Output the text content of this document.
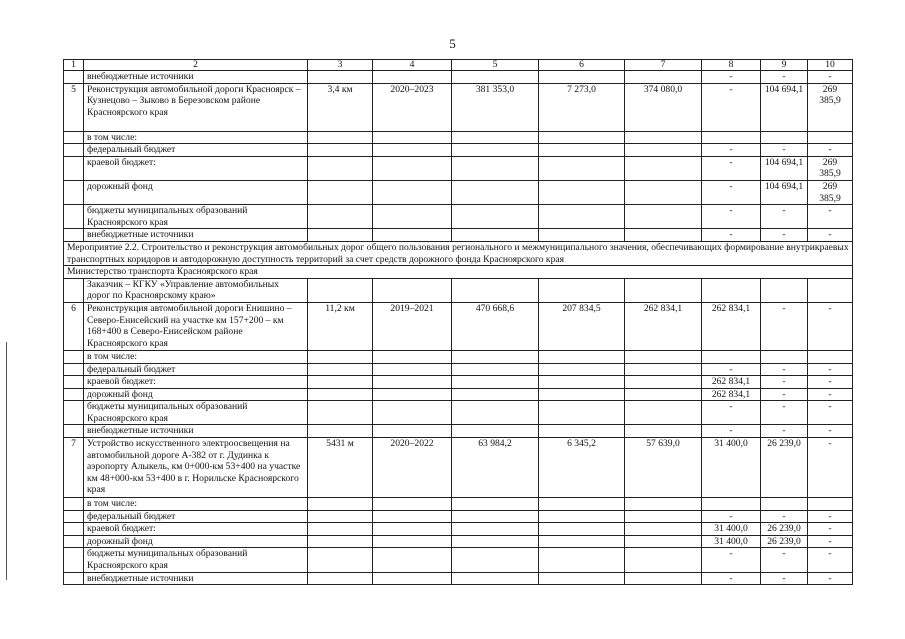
5
1	2	3	4	5	6	7	8	9	10
	внебюджетные источники						-	-	-
5	Реконструкция автомобильной дороги Красноярск – Кузнецово – Зыково в Березовском районе Красноярского края	3,4 км	2020–2023	381 353,0	7 273,0	374 080,0	-	104 694,1	269 385,9
	в том числе:								
	федеральный бюджет						-	-	-
	краевой бюджет:						-	104 694,1	269 385,9
	дорожный фонд						-	104 694,1	269 385,9
	бюджеты муниципальных образований Красноярского края						-	-	-
	внебюджетные источники						-	-	-
Мероприятие 2.2. Строительство и реконструкция автомобильных дорог общего пользования регионального и межмуниципального значения, обеспечивающих формирование внутрикраевых транспортных коридоров и автодорожную доступность территорий за счет средств дорожного фонда Красноярского края									
Министерство транспорта Красноярского края									
	Заказчик – КГКУ «Управление автомобильных дорог по Красноярскому краю»								
6	Реконструкция автомобильной дороги Енишино – Северо-Енисейский на участке км 157+200 – км 168+400 в Северо-Енисейском районе Красноярского края	11,2 км	2019–2021	470 668,6	207 834,5	262 834,1	262 834,1	-	-
	в том числе:								
	федеральный бюджет						-	-	-
	краевой бюджет:						262 834,1	-	-
	дорожный фонд						262 834,1	-	-
	бюджеты муниципальных образований Красноярского края						-	-	-
	внебюджетные источники						-	-	-
7	Устройство искусственного электроосвещения на автомобильной дороге А-382 от г. Дудинка к аэропорту Алыкель, км 0+000-км 53+400 на участке км 48+000-км 53+400 в г. Норильске Красноярского края	5431 м	2020–2022	63 984,2	6 345,2	57 639,0	31 400,0	26 239,0	-
	в том числе:								
	федеральный бюджет						-	-	-
	краевой бюджет:						31 400,0	26 239,0	-
	дорожный фонд						31 400,0	26 239,0	-
	бюджеты муниципальных образований Красноярского края						-	-	-
	внебюджетные источники						-	-	-
